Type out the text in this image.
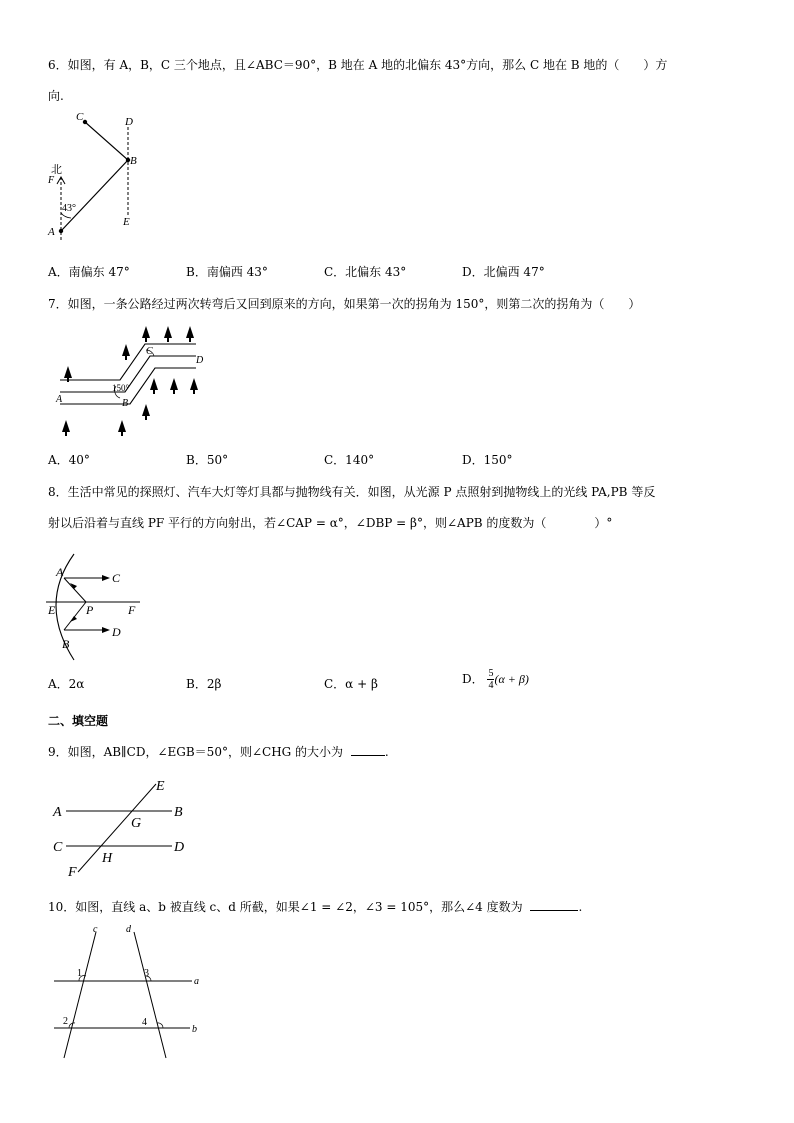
6．如图，有 A，B，C 三个地点，且∠ABC＝90°，B 地在 A 地的北偏东 43°方向，那么 C 地在 B 地的（　　）方
向.
C	D
B
北
F
43°
A
E
A．南偏东 47°	B．南偏西 43°	C．北偏东 43°	D．北偏西 47°
7．如图，一条公路经过两次转弯后又回到原来的方向，如果第一次的拐角为 150°，则第二次的拐角为（　　）
C
D
150°
A	B
A．40°	B．50°	C．140°	D．150°
8．生活中常见的探照灯、汽车大灯等灯具都与抛物线有关．如图，从光源 P 点照射到抛物线上的光线 PA,PB 等反
射以后沿着与直线 PF 平行的方向射出，若∠CAP = α°，∠DBP = β°，则∠APB 的度数为（　　　　）°
A	C
E	P	F
B
D
A．2α	B．2β	C．α + β	D． $\frac{5}{4} (\alpha + \beta)$
二、填空题
9．如图，AB∥CD，∠EGB＝50°，则∠CHG 的大小为	.
E
A	B
G
C	D
H
F
10．如图，直线 a、b 被直线 c、d 所截，如果∠1 = ∠2，∠3 = 105°，那么∠4 度数为	.
c	d
1	3
a
2	4
b
